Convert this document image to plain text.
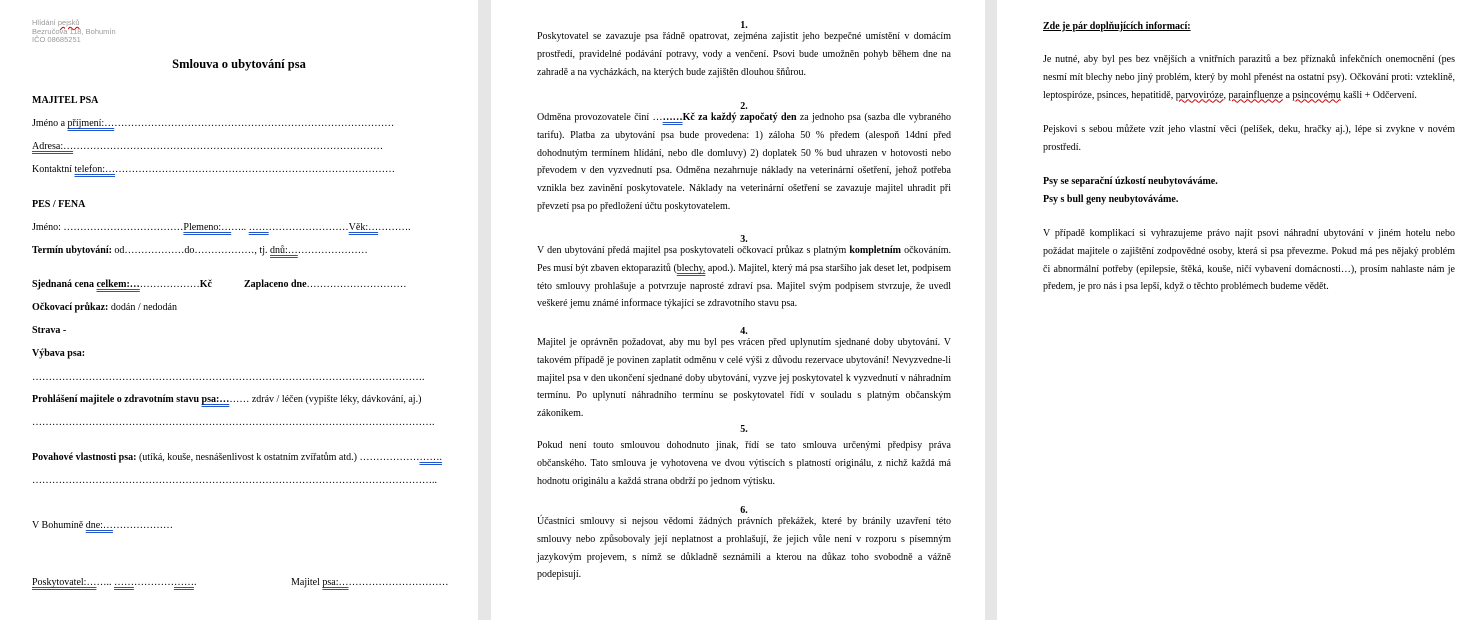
Hlídání pejsků
Bezručova 118, Bohumín
IČO 08685251
Smlouva o ubytování psa
MAJITEL PSA
Jméno a příjmení:……………………………………………………………………………
Adresa:……………………………………………………………………………………
Kontaktní telefon:……………………………………………………………………………
PES / FENA
Jméno: ………………………………Plemeno:…….. …………………………Věk:………….
Termín ubytování: od………………do………………, tj. dnů:……………………
Sjednaná cena celkem:…………………Kč	Zaplaceno dne…………………………
Očkovací průkaz: dodán / nedodán
Strava -
Výbava psa:
……………………………………………………………………………………………………….
Prohlášení majitele o zdravotním stavu psa:……… zdráv / léčen (vypište léky, dávkování, aj.)
………………………………………………………………………………………………………….
Povahové vlastnosti psa: (utíká, kouše, nesnášenlivost k ostatním zvířatům atd.) …………………….
…………………………………………………………………………………………………………..
V Bohumíně dne:…………………
Poskytovatel:…….. …………………….	Majitel psa:……………………………
1.
Poskytovatel se zavazuje psa řádně opatrovat, zejména zajistit jeho bezpečné umístění v domácím prostředí, pravidelné podávání potravy, vody a venčení. Psovi bude umožněn pohyb během dne na zahradě a na vycházkách, na kterých bude zajištěn dlouhou šňůrou.
2.
Odměna provozovatele činí ………Kč za každý započatý den za jednoho psa (sazba dle vybraného tarifu). Platba za ubytování psa bude provedena: 1) záloha 50 % předem (alespoň 14dní před dohodnutým termínem hlídání, nebo dle domluvy) 2) doplatek 50 % bud uhrazen v hotovosti nebo převodem v den vyzvednutí psa. Odměna nezahrnuje náklady na veterinární ošetření, jehož potřeba vznikla bez zavinění poskytovatele. Náklady na veterinární ošetření se zavazuje majitel uhradit při převzetí psa po předložení účtu poskytovatelem.
3.
V den ubytování předá majitel psa poskytovateli očkovací průkaz s platným kompletním očkováním. Pes musí být zbaven ektoparazitů (blechy, apod.). Majitel, který má psa staršího jak deset let, podpisem této smlouvy prohlašuje a potvrzuje naprosté zdraví psa. Majitel svým podpisem stvrzuje, že uvedl veškeré jemu známé informace týkající se zdravotního stavu psa.
4.
Majitel je oprávněn požadovat, aby mu byl pes vrácen před uplynutím sjednané doby ubytování. V takovém případě je povinen zaplatit odměnu v celé výši z důvodu rezervace ubytování! Nevyzvedne-li majitel psa v den ukončení sjednané doby ubytování, vyzve jej poskytovatel k vyzvednutí v náhradním termínu. Po uplynutí náhradního termínu se poskytovatel řídí v souladu s platným občanským zákoníkem.
5.
Pokud není touto smlouvou dohodnuto jinak, řídí se tato smlouva určenými předpisy práva občanského. Tato smlouva je vyhotovena ve dvou výtiscích s platností originálu, z nichž každá má hodnotu originálu a každá strana obdrží po jednom výtisku.
6.
Účastníci smlouvy si nejsou vědomi žádných právních překážek, které by bránily uzavření této smlouvy nebo způsobovaly její neplatnost a prohlašují, že jejich vůle není v rozporu s písemným jazykovým projevem, s nímž se důkladně seznámili a kterou na důkaz toho svobodně a vážně podepisují.
Zde je pár doplňujících informací:
Je nutné, aby byl pes bez vnějších a vnitřních parazitů a bez příznaků infekčních onemocnění (pes nesmí mít blechy nebo jiný problém, který by mohl přenést na ostatní psy). Očkování proti: vzteklině, leptospiróze, psinces, hepatitidě, parvoviróze, parainfluenze a psincovému kašli + Odčervení.
Pejskovi s sebou můžete vzít jeho vlastní věci (pelíšek, deku, hračky aj.), lépe si zvykne v novém prostředí.
Psy se separační úzkostí neubytováváme.
Psy s bull geny neubytováváme.
V případě komplikací si vyhrazujeme právo najít psovi náhradní ubytování v jiném hotelu nebo požádat majitele o zajištění zodpovědné osoby, která si psa převezme. Pokud má pes nějaký problém či abnormální potřeby (epilepsie, štěká, kouše, ničí vybavení domácnosti…), prosím nahlaste nám je předem, je pro nás i psa lepší, když o těchto problémech budeme vědět.
